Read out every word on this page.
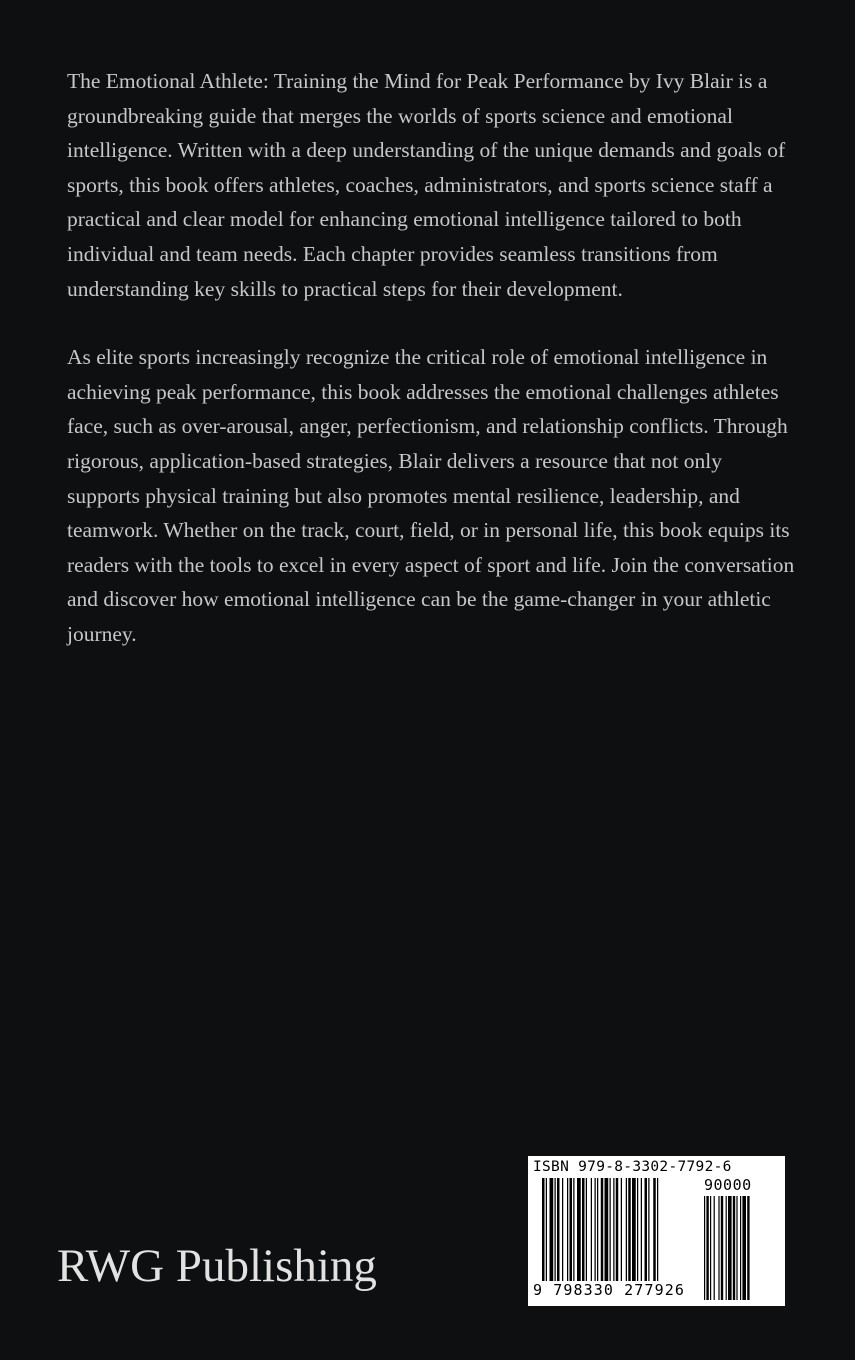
The Emotional Athlete: Training the Mind for Peak Performance by Ivy Blair is a groundbreaking guide that merges the worlds of sports science and emotional intelligence. Written with a deep understanding of the unique demands and goals of sports, this book offers athletes, coaches, administrators, and sports science staff a practical and clear model for enhancing emotional intelligence tailored to both individual and team needs. Each chapter provides seamless transitions from understanding key skills to practical steps for their development.

As elite sports increasingly recognize the critical role of emotional intelligence in achieving peak performance, this book addresses the emotional challenges athletes face, such as over-arousal, anger, perfectionism, and relationship conflicts. Through rigorous, application-based strategies, Blair delivers a resource that not only supports physical training but also promotes mental resilience, leadership, and teamwork. Whether on the track, court, field, or in personal life, this book equips its readers with the tools to excel in every aspect of sport and life. Join the conversation and discover how emotional intelligence can be the game-changer in your athletic journey.

RWG Publishing
ISBN 979-8-3302-7792-6
90000
9 798330 277926
